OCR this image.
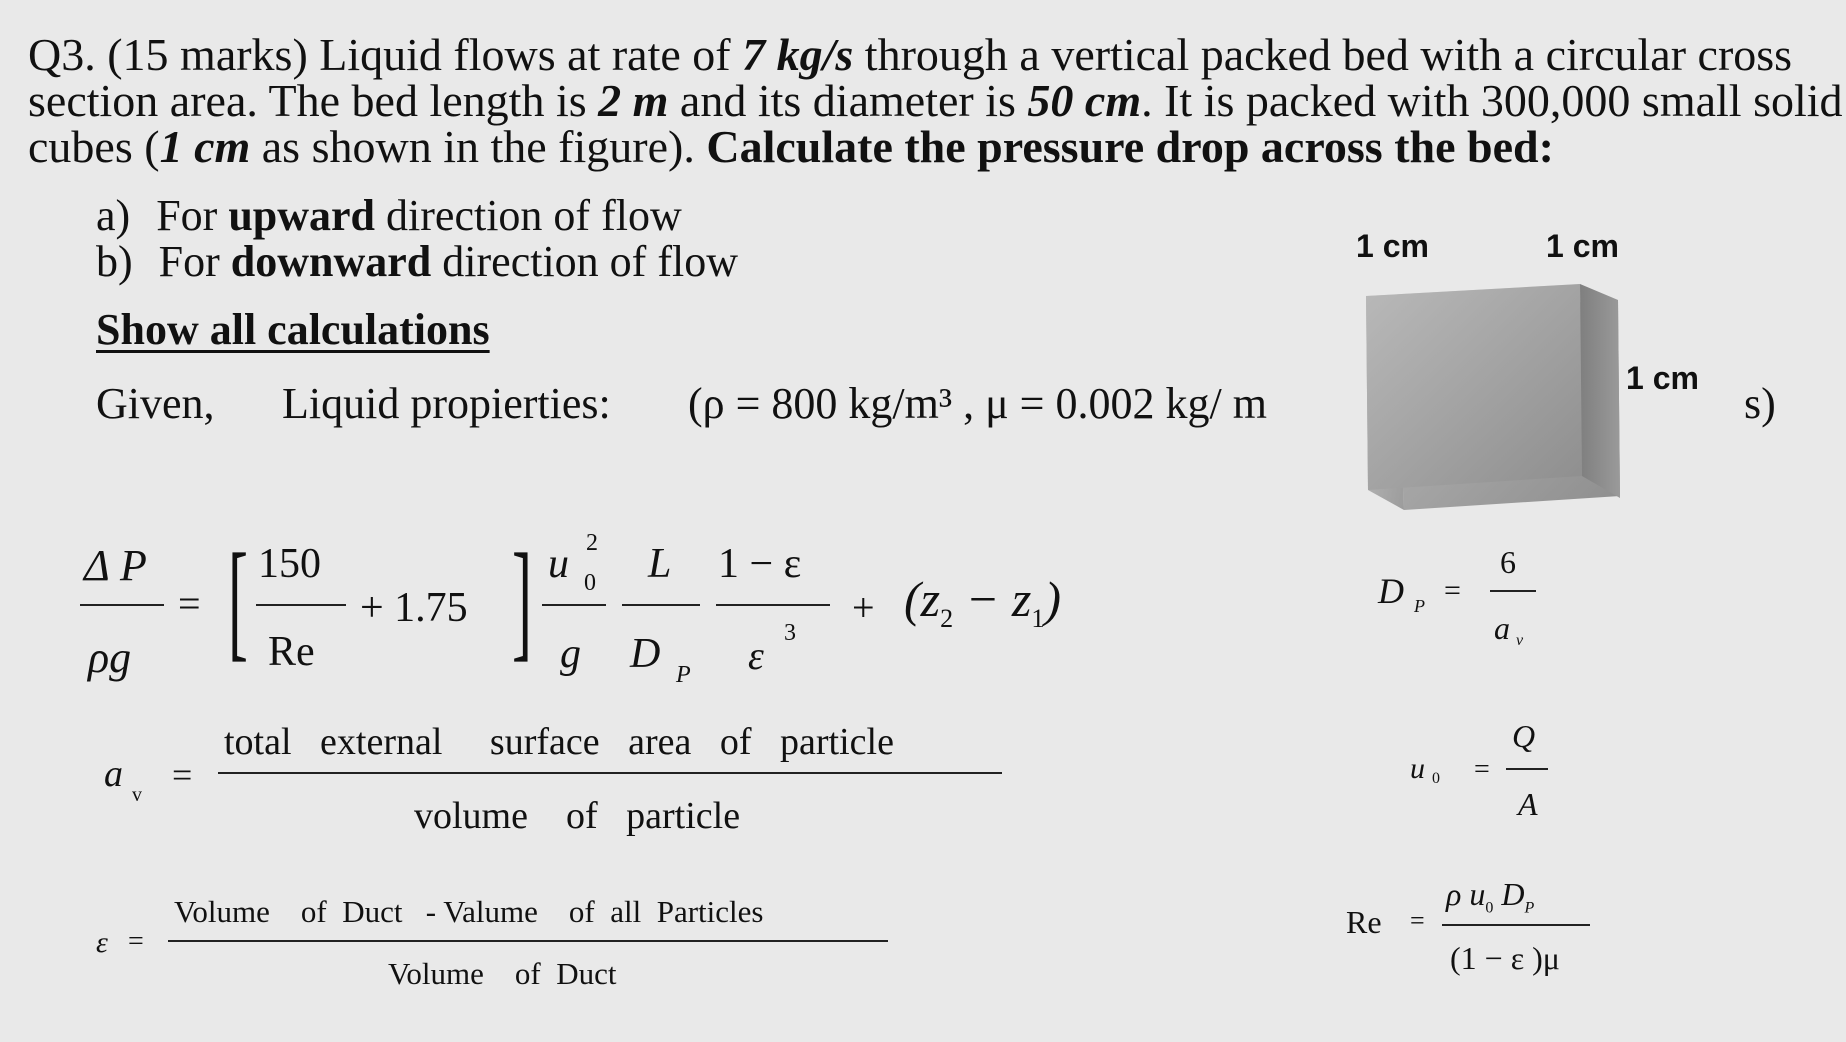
Q3. (15 marks) Liquid flows at rate of 7 kg/s through a vertical packed bed with a circular cross
section area. The bed length is 2 m and its diameter is 50 cm. It is packed with 300,000 small solid
cubes (1 cm as shown in the figure). Calculate the pressure drop across the bed:
a) For upward direction of flow
b) For downward direction of flow
Show all calculations
Given, Liquid propierties: (ρ = 800 kg/m³ , μ = 0.002 kg/ m	s)
1 cm	1 cm
1 cm
Δ P
ρg
= [	]
150
Re
+ 1.75
u 2
0
g
L
D P
1 − ε
ε 3
+ $(z_2 - z_1)$	D P =
6
a v
a v =
total   external     surface   area   of   particle
volume    of   particle
u 0 =
Q
A
ε =
Volume    of  Duct   - Valume    of  all  Particles
Volume    of  Duct
Re =
ρ $u_0$ $D_P$
(1 − ε )μ
